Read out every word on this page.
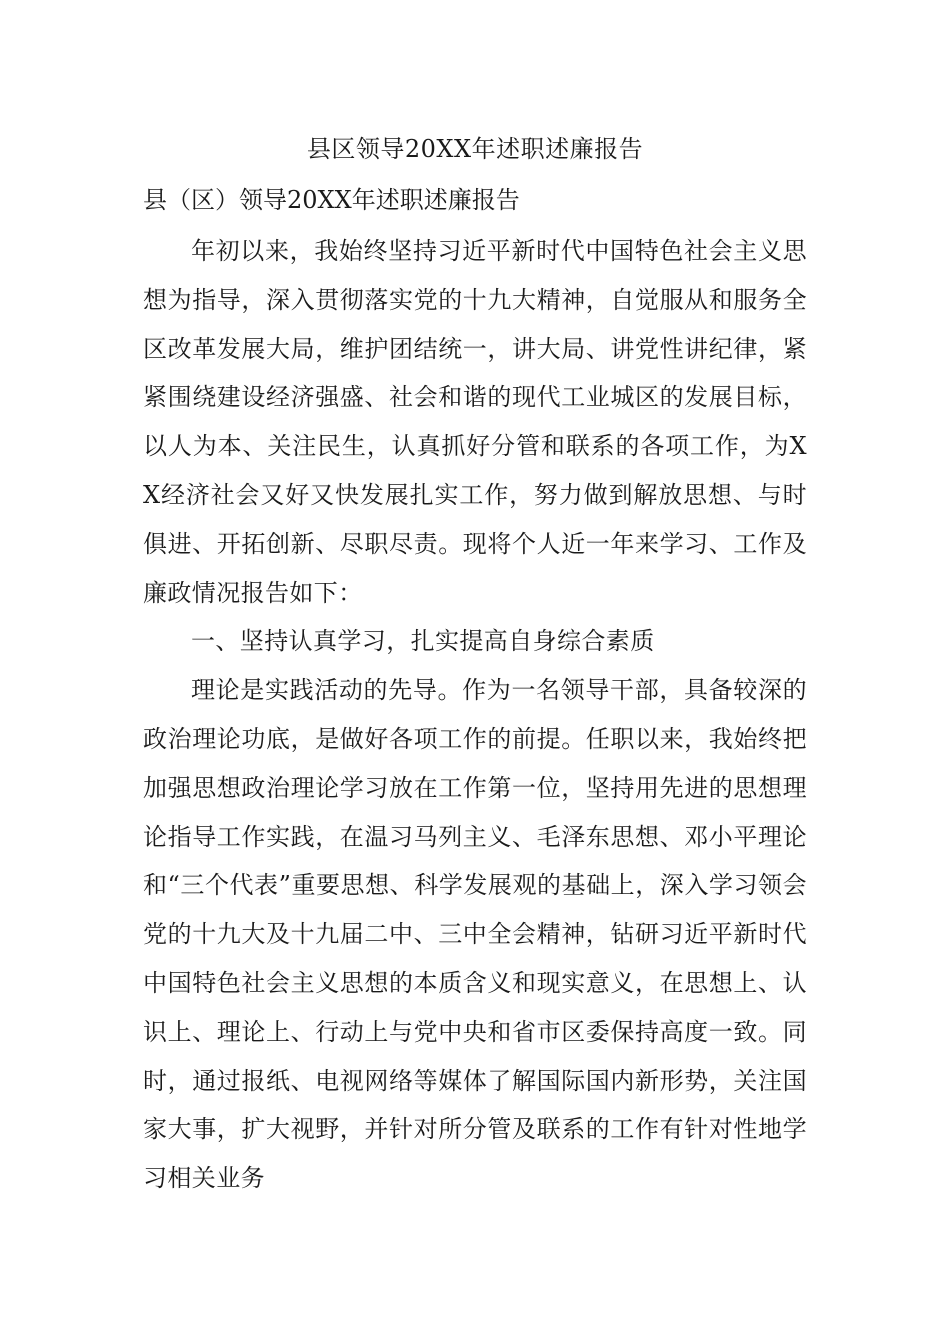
县区领导20XX年述职述廉报告
县（区）领导20XX年述职述廉报告

年初以来，我始终坚持习近平新时代中国特色社会主义思想为指导，深入贯彻落实党的十九大精神，自觉服从和服务全区改革发展大局，维护团结统一，讲大局、讲党性讲纪律，紧紧围绕建设经济强盛、社会和谐的现代工业城区的发展目标，以人为本、关注民生，认真抓好分管和联系的各项工作，为XX经济社会又好又快发展扎实工作，努力做到解放思想、与时俱进、开拓创新、尽职尽责。现将个人近一年来学习、工作及廉政情况报告如下：

一、坚持认真学习，扎实提高自身综合素质

理论是实践活动的先导。作为一名领导干部，具备较深的政治理论功底，是做好各项工作的前提。任职以来，我始终把加强思想政治理论学习放在工作第一位，坚持用先进的思想理论指导工作实践，在温习马列主义、毛泽东思想、邓小平理论和“三个代表”重要思想、科学发展观的基础上，深入学习领会党的十九大及十九届二中、三中全会精神，钻研习近平新时代中国特色社会主义思想的本质含义和现实意义，在思想上、认识上、理论上、行动上与党中央和省市区委保持高度一致。同时，通过报纸、电视网络等媒体了解国际国内新形势，关注国家大事，扩大视野，并针对所分管及联系的工作有针对性地学习相关业务
